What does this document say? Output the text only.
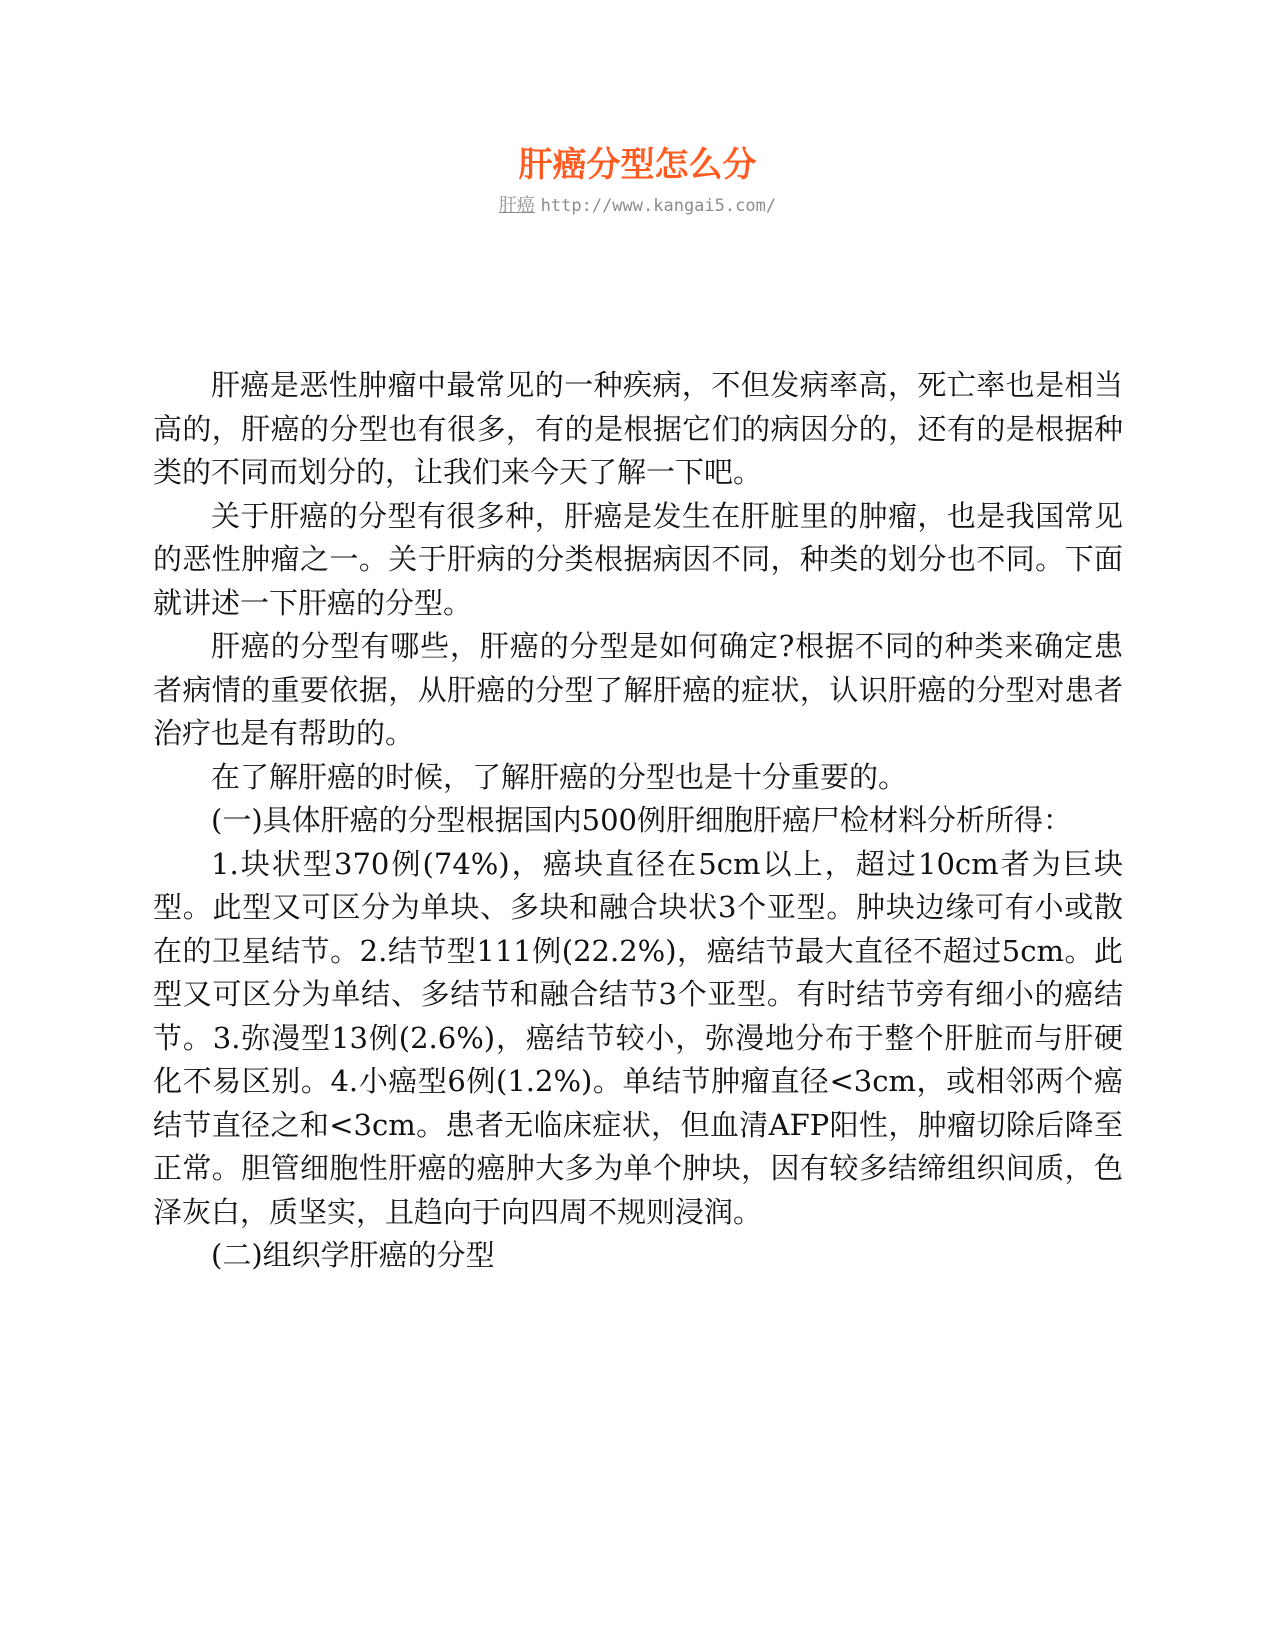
肝癌分型怎么分
肝癌 http://www.kangai5.com/

肝癌是恶性肿瘤中最常见的一种疾病，不但发病率高，死亡率也是相当高的，肝癌的分型也有很多，有的是根据它们的病因分的，还有的是根据种类的不同而划分的，让我们来今天了解一下吧。

关于肝癌的分型有很多种，肝癌是发生在肝脏里的肿瘤，也是我国常见的恶性肿瘤之一。关于肝病的分类根据病因不同，种类的划分也不同。下面就讲述一下肝癌的分型。

肝癌的分型有哪些，肝癌的分型是如何确定?根据不同的种类来确定患者病情的重要依据，从肝癌的分型了解肝癌的症状，认识肝癌的分型对患者治疗也是有帮助的。

在了解肝癌的时候，了解肝癌的分型也是十分重要的。

(一)具体肝癌的分型根据国内500例肝细胞肝癌尸检材料分析所得：

1.块状型370例(74%)，癌块直径在5cm以上，超过10cm者为巨块型。此型又可区分为单块、多块和融合块状3个亚型。肿块边缘可有小或散在的卫星结节。2.结节型111例(22.2%)，癌结节最大直径不超过5cm。此型又可区分为单结、多结节和融合结节3个亚型。有时结节旁有细小的癌结节。3.弥漫型13例(2.6%)，癌结节较小，弥漫地分布于整个肝脏而与肝硬化不易区别。4.小癌型6例(1.2%)。单结节肿瘤直径<3cm，或相邻两个癌结节直径之和<3cm。患者无临床症状，但血清AFP阳性，肿瘤切除后降至正常。胆管细胞性肝癌的癌肿大多为单个肿块，因有较多结缔组织间质，色泽灰白，质坚实，且趋向于向四周不规则浸润。

(二)组织学肝癌的分型
